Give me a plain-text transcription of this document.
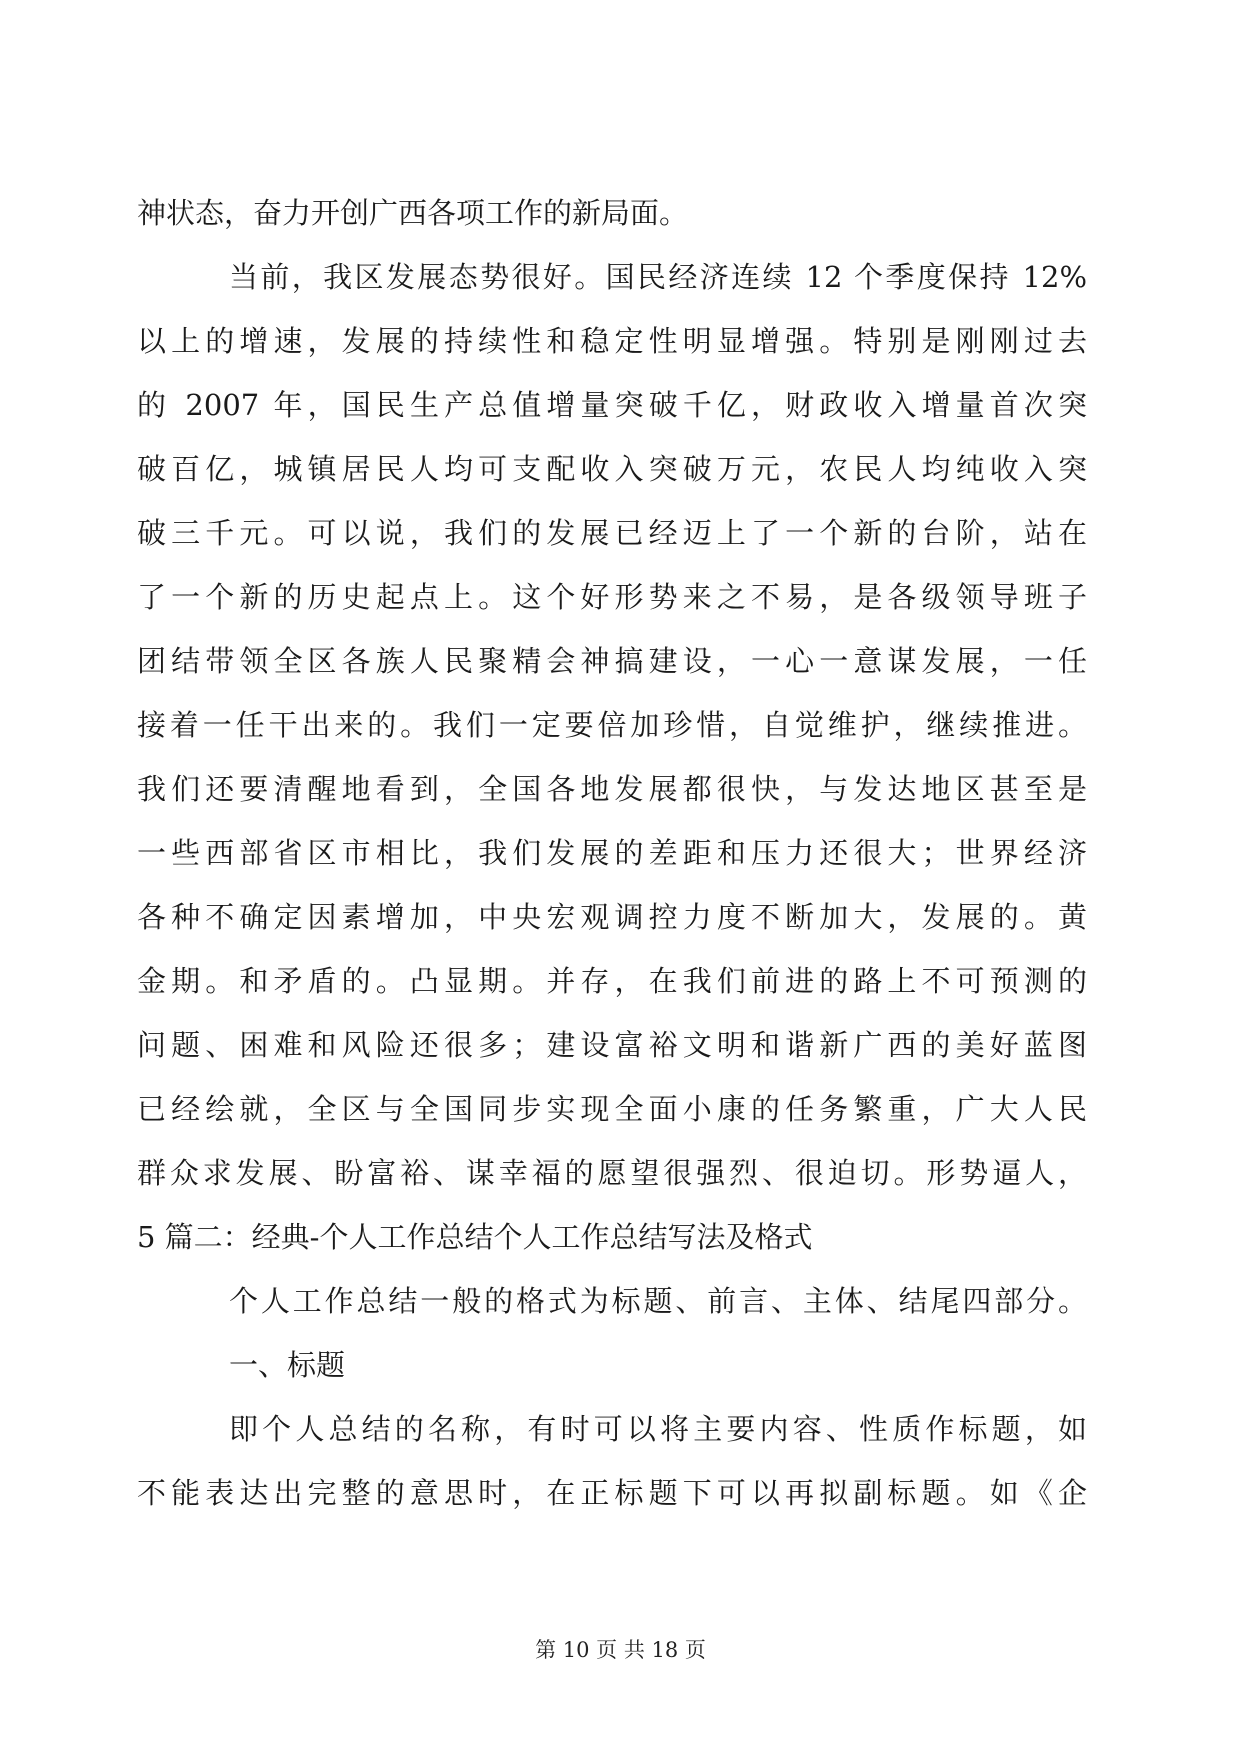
神状态，奋力开创广西各项工作的新局面。
当前，我区发展态势很好。国民经济连续 12 个季度保持 12%
以上的增速，发展的持续性和稳定性明显增强。特别是刚刚过去
的 2007 年，国民生产总值增量突破千亿，财政收入增量首次突
破百亿，城镇居民人均可支配收入突破万元，农民人均纯收入突
破三千元。可以说，我们的发展已经迈上了一个新的台阶，站在
了一个新的历史起点上。这个好形势来之不易，是各级领导班子
团结带领全区各族人民聚精会神搞建设，一心一意谋发展，一任
接着一任干出来的。我们一定要倍加珍惜，自觉维护，继续推进。
我们还要清醒地看到，全国各地发展都很快，与发达地区甚至是
一些西部省区市相比，我们发展的差距和压力还很大；世界经济
各种不确定因素增加，中央宏观调控力度不断加大，发展的。黄
金期。和矛盾的。凸显期。并存，在我们前进的路上不可预测的
问题、困难和风险还很多；建设富裕文明和谐新广西的美好蓝图
已经绘就，全区与全国同步实现全面小康的任务繁重，广大人民
群众求发展、盼富裕、谋幸福的愿望很强烈、很迫切。形势逼人，
5 篇二：经典-个人工作总结个人工作总结写法及格式
个人工作总结一般的格式为标题、前言、主体、结尾四部分。
一、标题
即个人总结的名称，有时可以将主要内容、性质作标题，如
不能表达出完整的意思时，在正标题下可以再拟副标题。如《企
第 10 页 共 18 页
